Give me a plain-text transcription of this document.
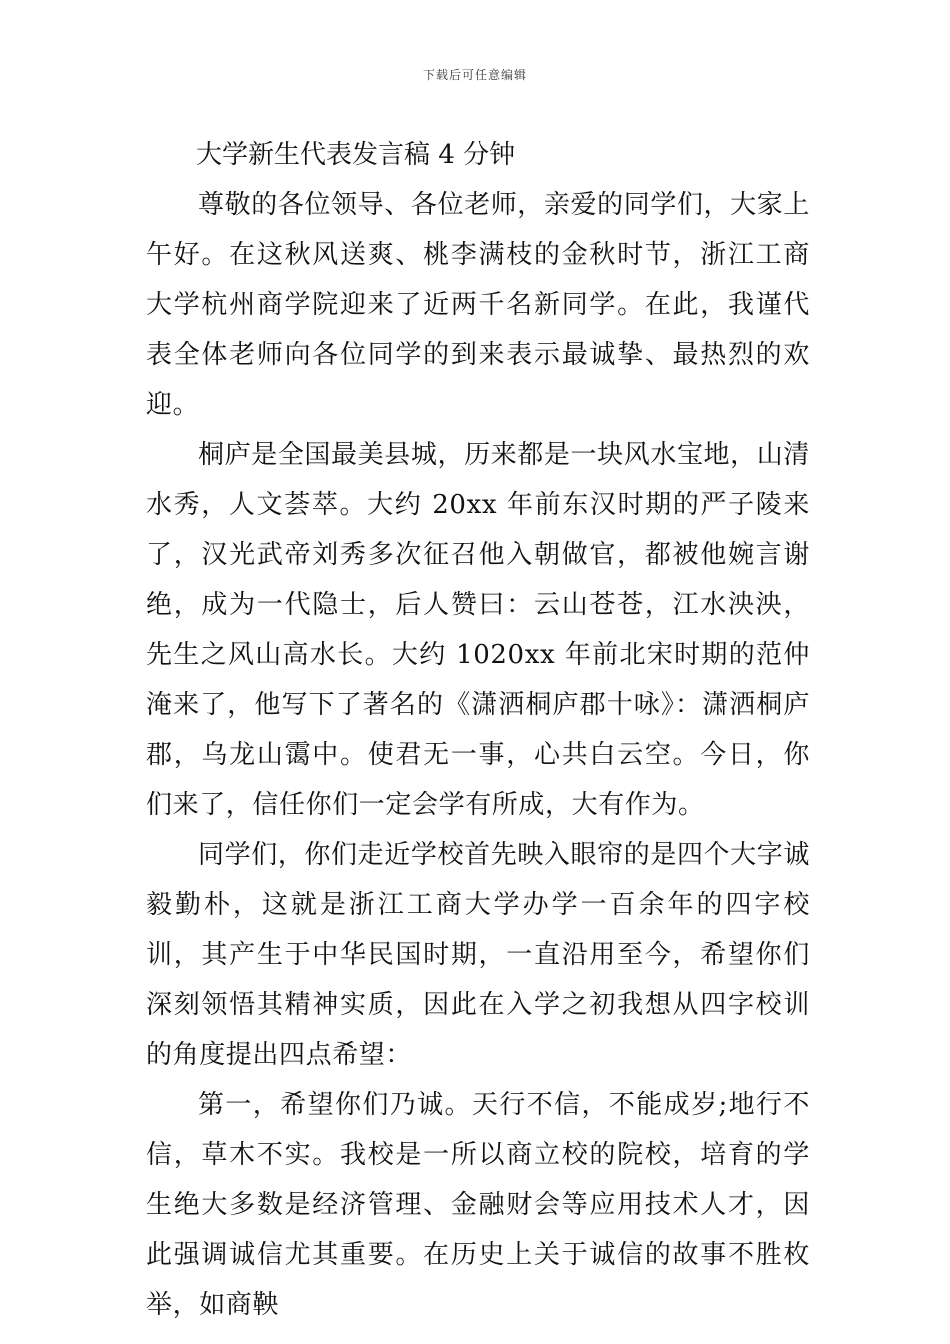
下载后可任意编辑
大学新生代表发言稿 4 分钟

尊敬的各位领导、各位老师，亲爱的同学们，大家上午好。在这秋风送爽、桃李满枝的金秋时节，浙江工商大学杭州商学院迎来了近两千名新同学。在此，我谨代表全体老师向各位同学的到来表示最诚挚、最热烈的欢迎。

桐庐是全国最美县城，历来都是一块风水宝地，山清水秀，人文荟萃。大约 20xx 年前东汉时期的严子陵来了，汉光武帝刘秀多次征召他入朝做官，都被他婉言谢绝，成为一代隐士，后人赞曰：云山苍苍，江水泱泱，先生之风山高水长。大约 1020xx 年前北宋时期的范仲淹来了，他写下了著名的《潇洒桐庐郡十咏》：潇洒桐庐郡，乌龙山霭中。使君无一事，心共白云空。今日，你们来了，信任你们一定会学有所成，大有作为。

同学们，你们走近学校首先映入眼帘的是四个大字诚毅勤朴，这就是浙江工商大学办学一百余年的四字校训，其产生于中华民国时期，一直沿用至今，希望你们深刻领悟其精神实质，因此在入学之初我想从四字校训的角度提出四点希望：

第一，希望你们乃诚。天行不信，不能成岁;地行不信，草木不实。我校是一所以商立校的院校，培育的学生绝大多数是经济管理、金融财会等应用技术人才，因此强调诚信尤其重要。在历史上关于诚信的故事不胜枚举，如商鞅
